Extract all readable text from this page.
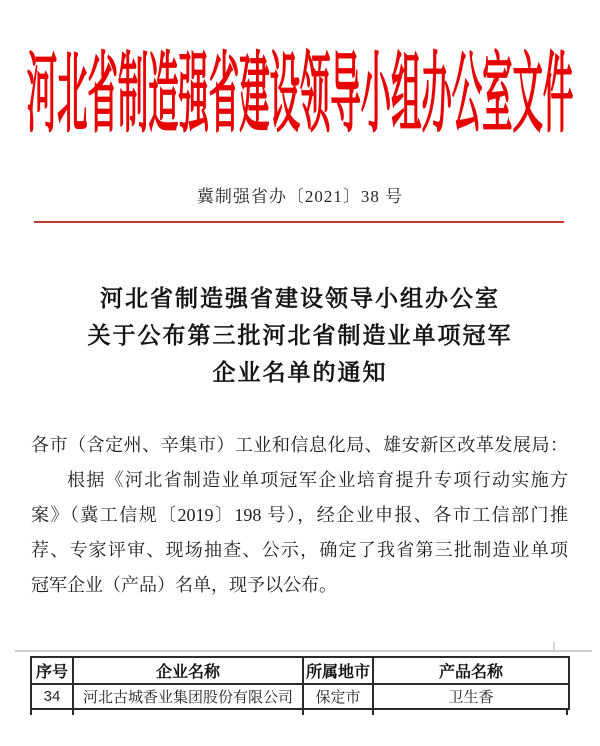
河北省制造强省建设领导小组办公室文件
冀制强省办〔2021〕38 号
河北省制造强省建设领导小组办公室
关于公布第三批河北省制造业单项冠军
企业名单的通知
各市（含定州、辛集市）工业和信息化局、雄安新区改革发展局：
根据《河北省制造业单项冠军企业培育提升专项行动实施方
案》（冀工信规〔2019〕198 号），经企业申报、各市工信部门推
荐、专家评审、现场抽查、公示，确定了我省第三批制造业单项
冠军企业（产品）名单，现予以公布。
序号	企业名称	所属地市	产品名称
34	河北古城香业集团股份有限公司	保定市	卫生香
